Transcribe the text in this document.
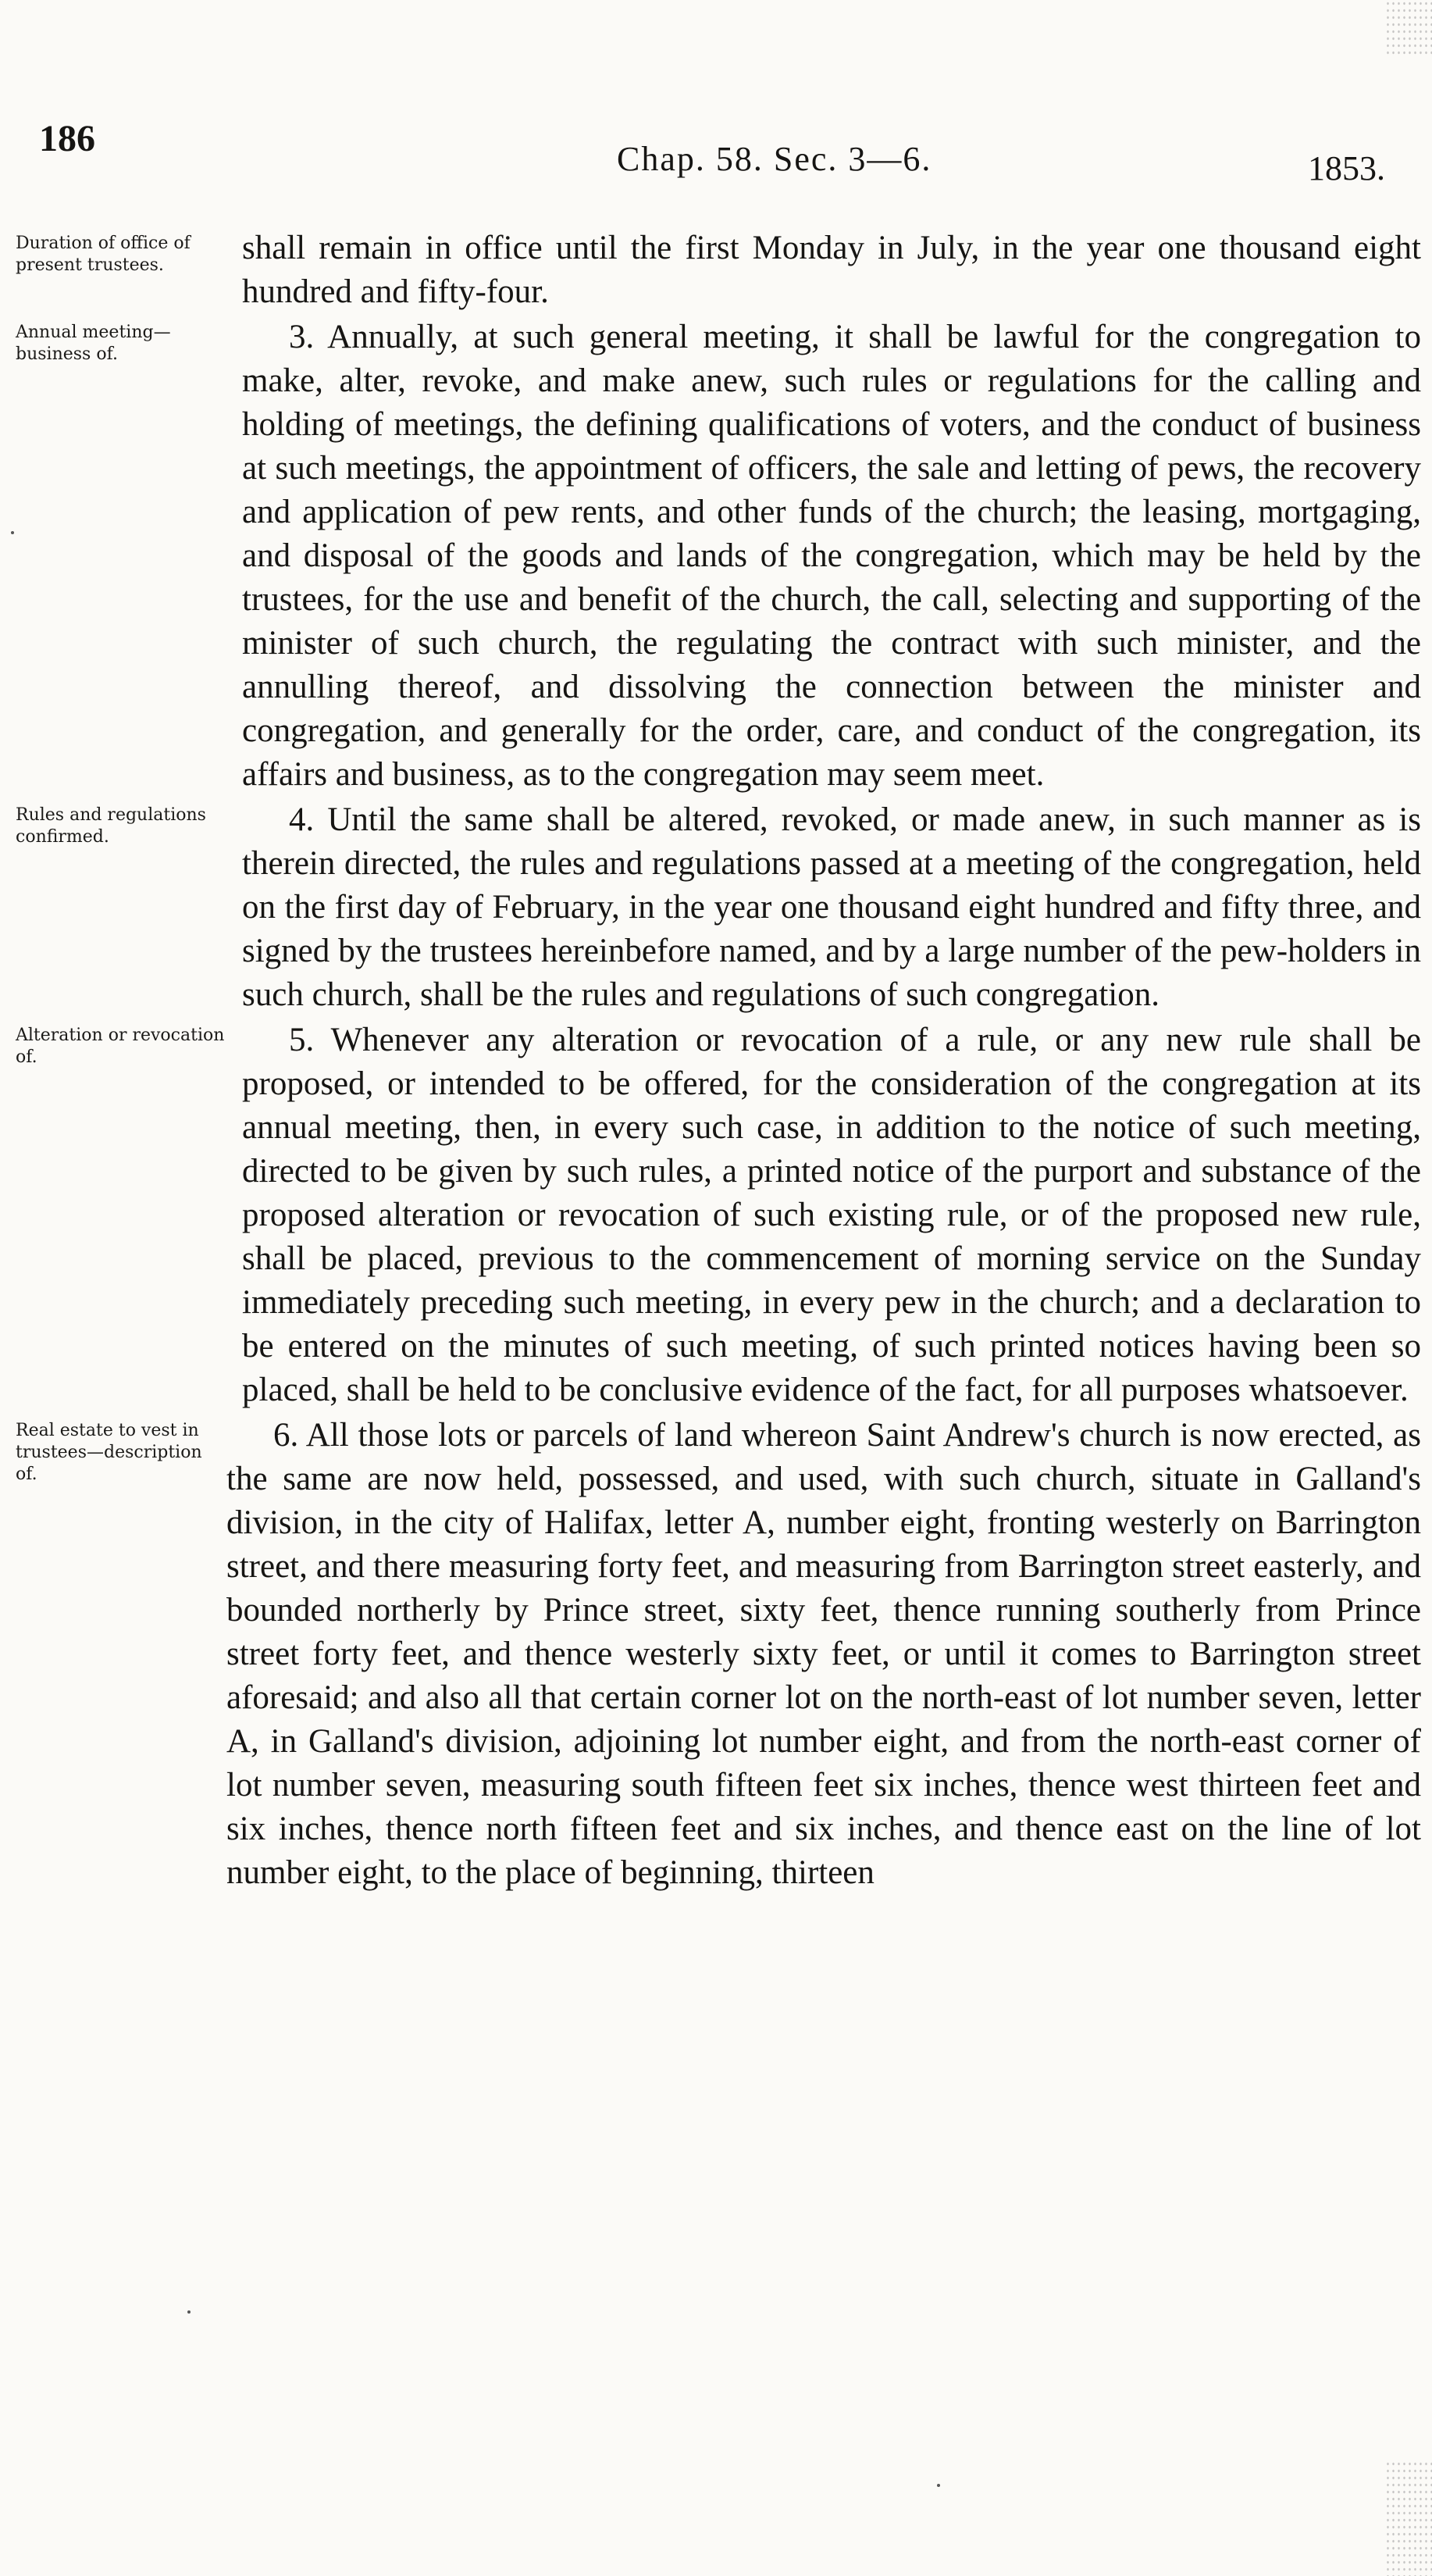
186	Chap. 58. Sec. 3—6.	1853.
Duration of office of present trustees.	shall remain in office until the first Monday in July, in the year one thousand eight hundred and fifty-four.
Annual meeting—business of.	3. Annually, at such general meeting, it shall be lawful for the congregation to make, alter, revoke, and make anew, such rules or regulations for the calling and holding of meetings, the defining qualifications of voters, and the conduct of business at such meetings, the appointment of officers, the sale and letting of pews, the recovery and application of pew rents, and other funds of the church; the leasing, mortgaging, and disposal of the goods and lands of the congregation, which may be held by the trustees, for the use and benefit of the church, the call, selecting and supporting of the minister of such church, the regulating the contract with such minister, and the annulling thereof, and dissolving the connection between the minister and congregation, and generally for the order, care, and conduct of the congregation, its affairs and business, as to the congregation may seem meet.
Rules and regulations confirmed.	4. Until the same shall be altered, revoked, or made anew, in such manner as is therein directed, the rules and regulations passed at a meeting of the congregation, held on the first day of February, in the year one thousand eight hundred and fifty three, and signed by the trustees hereinbefore named, and by a large number of the pew-holders in such church, shall be the rules and regulations of such congregation.
Alteration or revocation of.	5. Whenever any alteration or revocation of a rule, or any new rule shall be proposed, or intended to be offered, for the consideration of the congregation at its annual meeting, then, in every such case, in addition to the notice of such meeting, directed to be given by such rules, a printed notice of the purport and substance of the proposed alteration or revocation of such existing rule, or of the proposed new rule, shall be placed, previous to the commencement of morning service on the Sunday immediately preceding such meeting, in every pew in the church; and a declaration to be entered on the minutes of such meeting, of such printed notices having been so placed, shall be held to be conclusive evidence of the fact, for all purposes whatsoever.
Real estate to vest in trustees—description of.
6. All those lots or parcels of land whereon Saint Andrew's church is now erected, as the same are now held, possessed, and used, with such church, situate in Galland's division, in the city of Halifax, letter A, number eight, fronting westerly on Barrington street, and there measuring forty feet, and measuring from Barrington street easterly, and bounded northerly by Prince street, sixty feet, thence running southerly from Prince street forty feet, and thence westerly sixty feet, or until it comes to Barrington street aforesaid; and also all that certain corner lot on the north-east of lot number seven, letter A, in Galland's division, adjoining lot number eight, and from the north-east corner of lot number seven, measuring south fifteen feet six inches, thence west thirteen feet and six inches, thence north fifteen feet and six inches, and thence east on the line of lot number eight, to the place of beginning, thirteen
